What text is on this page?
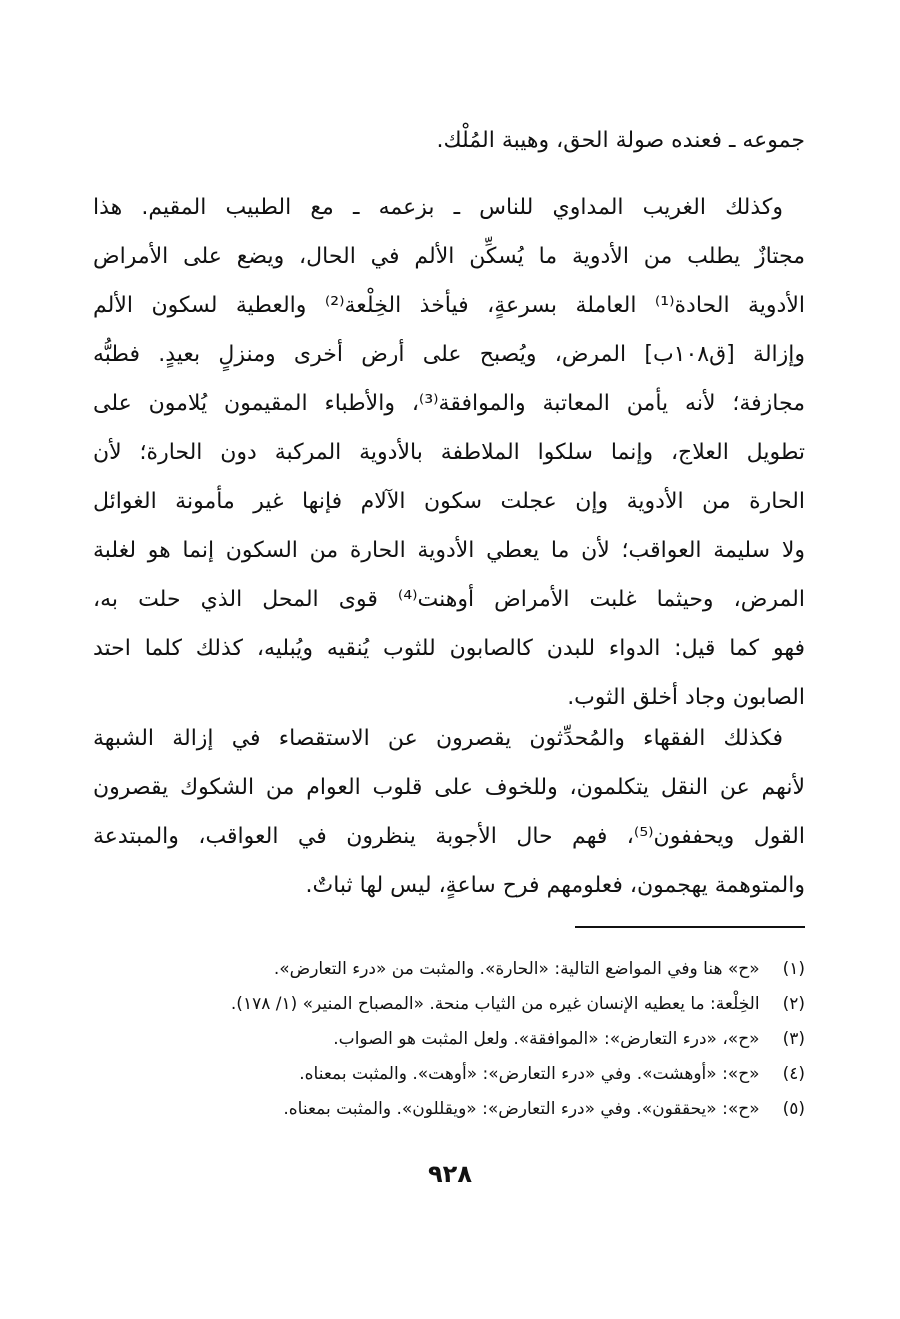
جموعه ـ فعنده صولة الحق، وهيبة المُلْك.
وكذلك الغريب المداوي للناس ـ بزعمه ـ مع الطبيب المقيم. هذا
مجتازٌ يطلب من الأدوية ما يُسكِّن الألم في الحال، ويضع على الأمراض
الأدوية الحادة⁽¹⁾ العاملة بسرعةٍ، فيأخذ الخِلْعة⁽²⁾ والعطية لسكون الألم
وإزالة [ق١٠٨ب] المرض، ويُصبح على أرض أخرى ومنزلٍ بعيدٍ. فطبُّه
مجازفة؛ لأنه يأمن المعاتبة والموافقة⁽³⁾، والأطباء المقيمون يُلامون على
تطويل العلاج، وإنما سلكوا الملاطفة بالأدوية المركبة دون الحارة؛ لأن
الحارة من الأدوية وإن عجلت سكون الآلام فإنها غير مأمونة الغوائل
ولا سليمة العواقب؛ لأن ما يعطي الأدوية الحارة من السكون إنما هو لغلبة
المرض، وحيثما غلبت الأمراض أوهنت⁽⁴⁾ قوى المحل الذي حلت به،
فهو كما قيل: الدواء للبدن كالصابون للثوب يُنقيه ويُبليه، كذلك كلما احتد
الصابون وجاد أخلق الثوب.
فكذلك الفقهاء والمُحدِّثون يقصرون عن الاستقصاء في إزالة الشبهة
لأنهم عن النقل يتكلمون، وللخوف على قلوب العوام من الشكوك يقصرون
القول ويحففون⁽⁵⁾، فهم حال الأجوبة ينظرون في العواقب، والمبتدعة
والمتوهمة يهجمون، فعلومهم فرح ساعةٍ، ليس لها ثباتٌ.
(١) «ح» هنا وفي المواضع التالية: «الحارة». والمثبت من «درء التعارض».
(٢) الخِلْعة: ما يعطيه الإنسان غيره من الثياب منحة. «المصباح المنير» (١/ ١٧٨).
(٣) «ح»، «درء التعارض»: «الموافقة». ولعل المثبت هو الصواب.
(٤) «ح»: «أوهشت». وفي «درء التعارض»: «أوهت». والمثبت بمعناه.
(٥) «ح»: «يحققون». وفي «درء التعارض»: «ويقللون». والمثبت بمعناه.
٩٢٨
